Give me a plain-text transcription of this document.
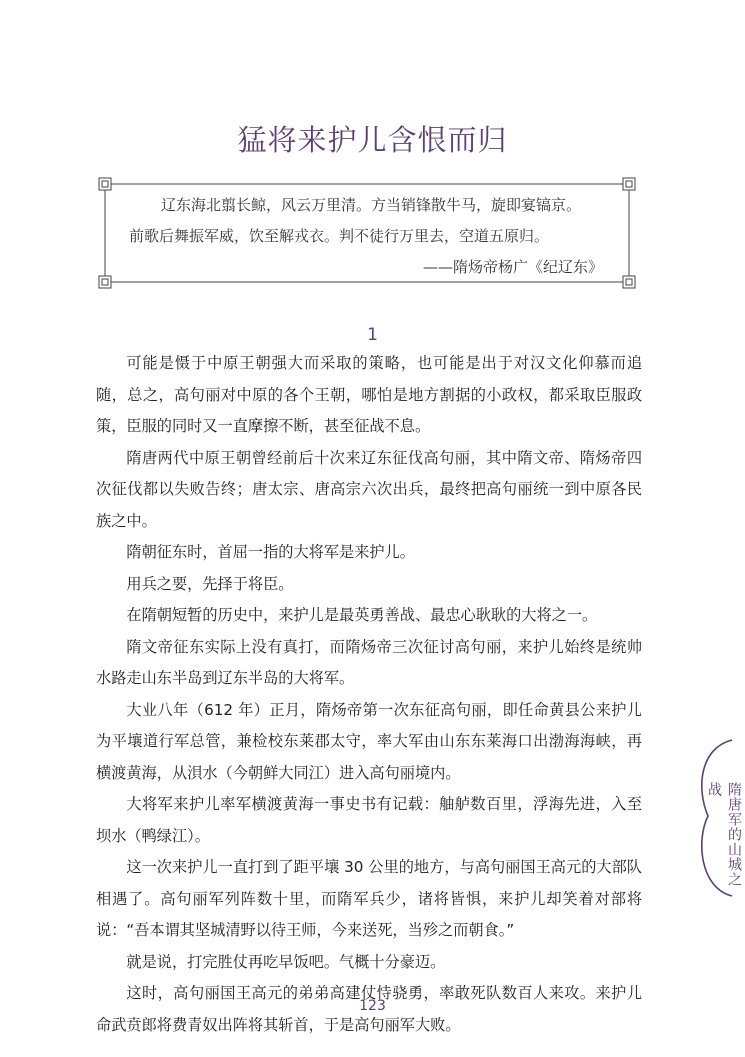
猛将来护儿含恨而归
辽东海北翦长鲸，风云万里清。方当销锋散牛马，旋即宴镐京。
前歌后舞振军威，饮至解戎衣。判不徒行万里去，空道五原归。
——隋炀帝杨广《纪辽东》
1

可能是慑于中原王朝强大而采取的策略，也可能是出于对汉文化仰慕而追随，总之，高句丽对中原的各个王朝，哪怕是地方割据的小政权，都采取臣服政策，臣服的同时又一直摩擦不断，甚至征战不息。

隋唐两代中原王朝曾经前后十次来辽东征伐高句丽，其中隋文帝、隋炀帝四次征伐都以失败告终；唐太宗、唐高宗六次出兵，最终把高句丽统一到中原各民族之中。

隋朝征东时，首屈一指的大将军是来护儿。

用兵之要，先择于将臣。

在隋朝短暂的历史中，来护儿是最英勇善战、最忠心耿耿的大将之一。

隋文帝征东实际上没有真打，而隋炀帝三次征讨高句丽，来护儿始终是统帅水路走山东半岛到辽东半岛的大将军。

大业八年（612 年）正月，隋炀帝第一次东征高句丽，即任命黄县公来护儿为平壤道行军总管，兼检校东莱郡太守，率大军由山东东莱海口出渤海海峡，再横渡黄海，从浿水（今朝鲜大同江）进入高句丽境内。

大将军来护儿率军横渡黄海一事史书有记载：舳舻数百里，浮海先进，入至坝水（鸭绿江）。

这一次来护儿一直打到了距平壤 30 公里的地方，与高句丽国王高元的大部队相遇了。高句丽军列阵数十里，而隋军兵少，诸将皆惧，来护儿却笑着对部将说：“吾本谓其坚城清野以待王师，今来送死，当殄之而朝食。”

就是说，打完胜仗再吃早饭吧。气概十分豪迈。

这时，高句丽国王高元的弟弟高建仗恃骁勇，率敢死队数百人来攻。来护儿命武贲郎将费青奴出阵将其斩首，于是高句丽军大败。

隋唐军的山城之战
123
